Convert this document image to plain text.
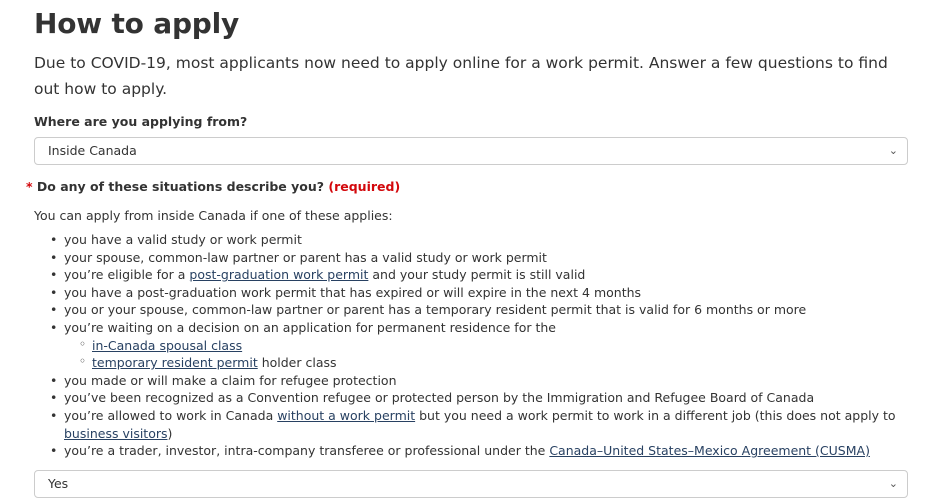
How to apply
Due to COVID-19, most applicants now need to apply online for a work permit. Answer a few questions to find out how to apply.
Where are you applying from?
Inside Canada	⌄
* Do any of these situations describe you? (required)
You can apply from inside Canada if one of these applies:
• you have a valid study or work permit
• your spouse, common-law partner or parent has a valid study or work permit
• you’re eligible for a post-graduation work permit and your study permit is still valid
• you have a post-graduation work permit that has expired or will expire in the next 4 months
• you or your spouse, common-law partner or parent has a temporary resident permit that is valid for 6 months or more
• you’re waiting on a decision on an application for permanent residence for the
◦ in-Canada spousal class
◦ temporary resident permit holder class
• you made or will make a claim for refugee protection
• you’ve been recognized as a Convention refugee or protected person by the Immigration and Refugee Board of Canada
• you’re allowed to work in Canada without a work permit but you need a work permit to work in a different job (this does not apply to business visitors)
• you’re a trader, investor, intra-company transferee or professional under the Canada–United States–Mexico Agreement (CUSMA)
Yes	⌄
